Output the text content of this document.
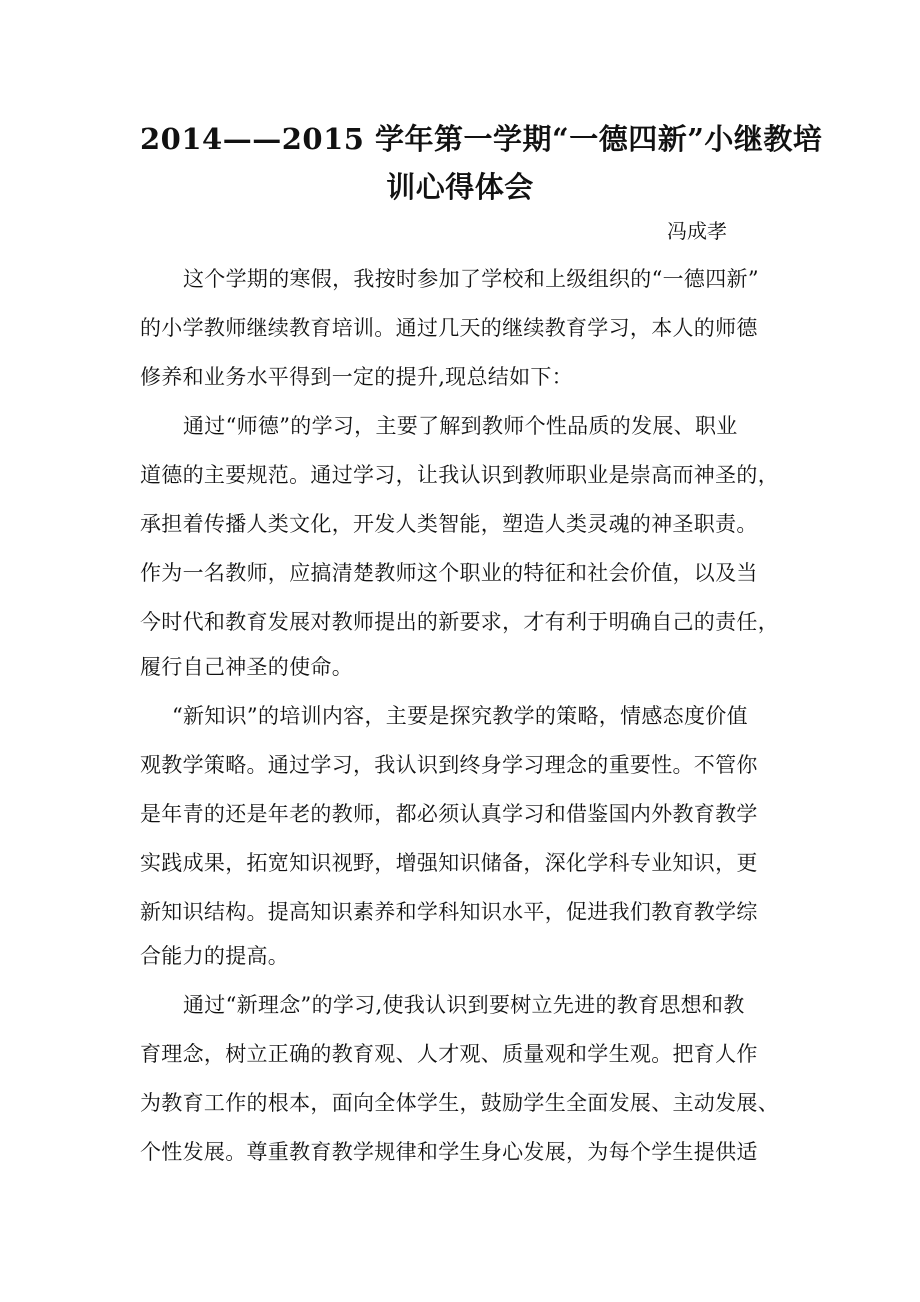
2014——2015 学年第一学期“一德四新”小继教培
训心得体会
冯成孝
这个学期的寒假，我按时参加了学校和上级组织的“一德四新”
的小学教师继续教育培训。通过几天的继续教育学习，本人的师德
修养和业务水平得到一定的提升,现总结如下：
通过“师德”的学习，主要了解到教师个性品质的发展、职业
道德的主要规范。通过学习，让我认识到教师职业是崇高而神圣的，
承担着传播人类文化，开发人类智能，塑造人类灵魂的神圣职责。
作为一名教师，应搞清楚教师这个职业的特征和社会价值，以及当
今时代和教育发展对教师提出的新要求，才有利于明确自己的责任，
履行自己神圣的使命。
“新知识”的培训内容，主要是探究教学的策略，情感态度价值
观教学策略。通过学习，我认识到终身学习理念的重要性。不管你
是年青的还是年老的教师，都必须认真学习和借鉴国内外教育教学
实践成果，拓宽知识视野，增强知识储备，深化学科专业知识，更
新知识结构。提高知识素养和学科知识水平，促进我们教育教学综
合能力的提高。
通过“新理念”的学习,使我认识到要树立先进的教育思想和教
育理念，树立正确的教育观、人才观、质量观和学生观。把育人作
为教育工作的根本，面向全体学生，鼓励学生全面发展、主动发展、
个性发展。尊重教育教学规律和学生身心发展，为每个学生提供适
